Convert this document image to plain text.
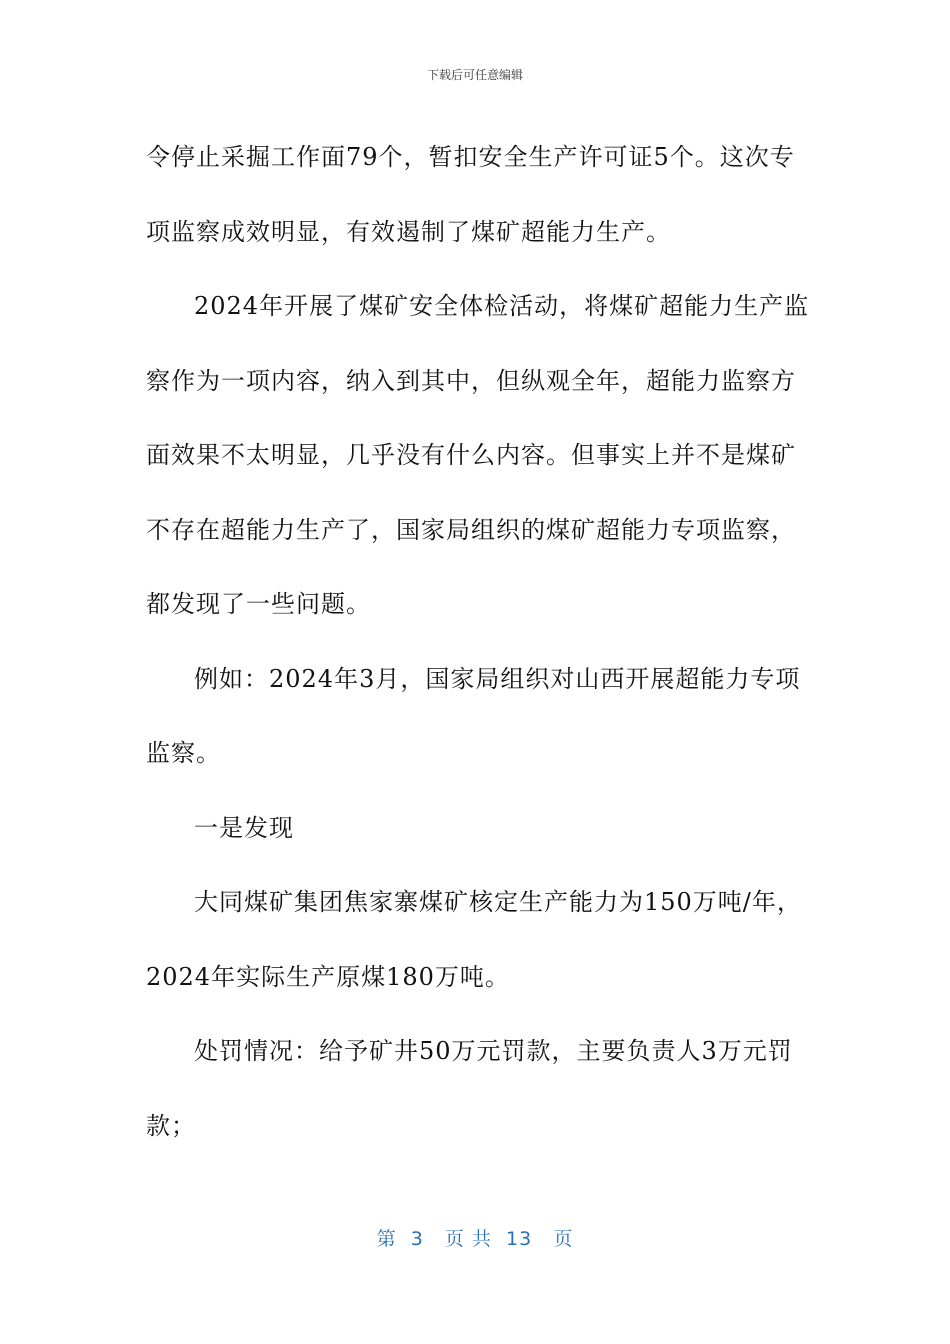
下载后可任意编辑

令停止采掘工作面79个，暂扣安全生产许可证5个。这次专项监察成效明显，有效遏制了煤矿超能力生产。

2024年开展了煤矿安全体检活动，将煤矿超能力生产监察作为一项内容，纳入到其中，但纵观全年，超能力监察方面效果不太明显，几乎没有什么内容。但事实上并不是煤矿不存在超能力生产了，国家局组织的煤矿超能力专项监察，都发现了一些问题。

例如：2024年3月，国家局组织对山西开展超能力专项监察。

一是发现

大同煤矿集团焦家寨煤矿核定生产能力为150万吨/年，2024年实际生产原煤180万吨。

处罚情况：给予矿井50万元罚款，主要负责人3万元罚款；

第  3   页 共  13   页
